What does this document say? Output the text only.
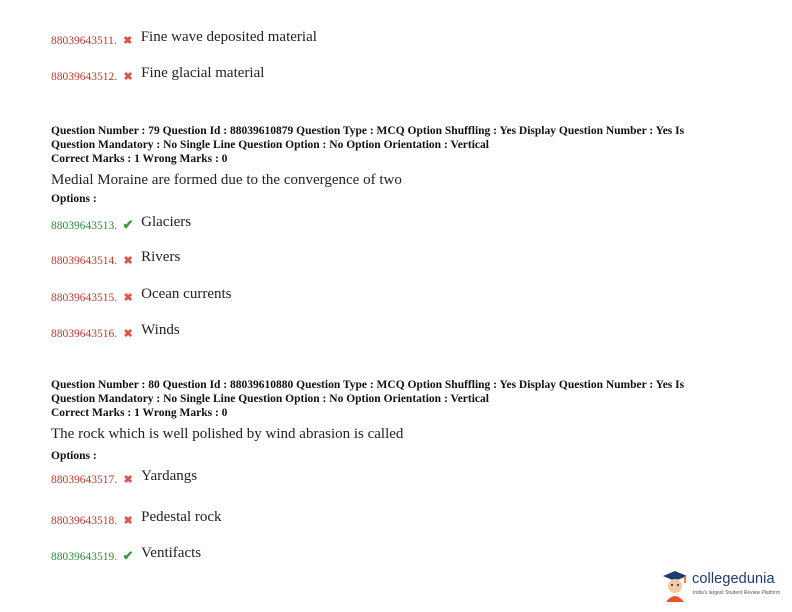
88039643511. ✖ Fine wave deposited material
88039643512. ✖ Fine glacial material
Question Number : 79 Question Id : 88039610879 Question Type : MCQ Option Shuffling : Yes Display Question Number : Yes Is
Question Mandatory : No Single Line Question Option : No Option Orientation : Vertical
Correct Marks : 1 Wrong Marks : 0
Medial Moraine are formed due to the convergence of two
Options :
88039643513. ✔ Glaciers
88039643514. ✖ Rivers
88039643515. ✖ Ocean currents
88039643516. ✖ Winds
Question Number : 80 Question Id : 88039610880 Question Type : MCQ Option Shuffling : Yes Display Question Number : Yes Is
Question Mandatory : No Single Line Question Option : No Option Orientation : Vertical
Correct Marks : 1 Wrong Marks : 0
The rock which is well polished by wind abrasion is called
Options :
88039643517. ✖ Yardangs
88039643518. ✖ Pedestal rock
88039643519. ✔ Ventifacts
collegedunia
India's largest Student Review Platform
